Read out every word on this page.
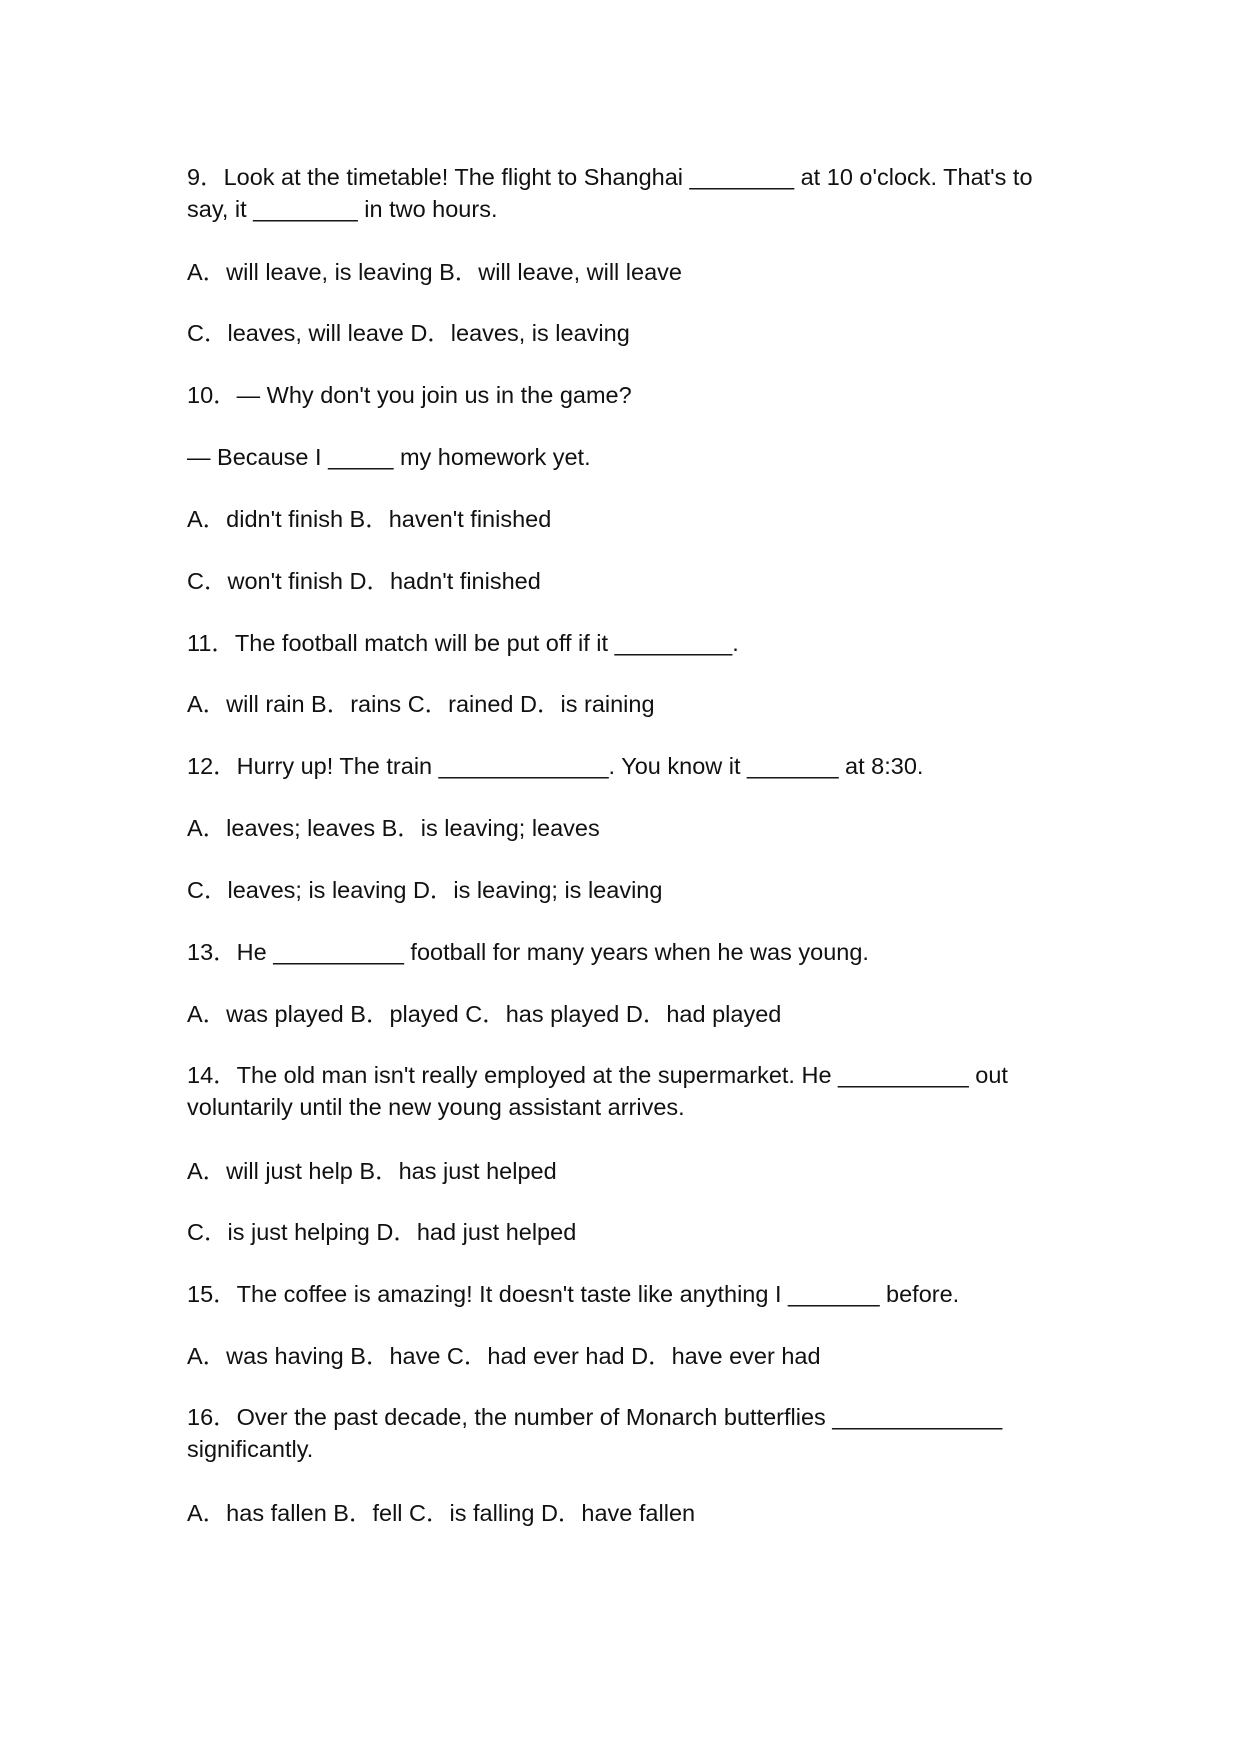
9．Look at the timetable! The flight to Shanghai ________ at 10 o'clock. That's to say, it ________ in two hours.
A．will leave, is leaving B．will leave, will leave
C．leaves, will leave D．leaves, is leaving
10．— Why don't you join us in the game?
— Because I _____ my homework yet.
A．didn't finish B．haven't finished
C．won't finish D．hadn't finished
11．The football match will be put off if it _________.
A．will rain B．rains C．rained D．is raining
12．Hurry up! The train _____________. You know it _______ at 8:30.
A．leaves; leaves B．is leaving; leaves
C．leaves; is leaving D．is leaving; is leaving
13．He __________ football for many years when he was young.
A．was played B．played C．has played D．had played
14．The old man isn't really employed at the supermarket. He __________ out voluntarily until the new young assistant arrives.
A．will just help B．has just helped
C．is just helping D．had just helped
15．The coffee is amazing! It doesn't taste like anything I _______ before.
A．was having B．have C．had ever had D．have ever had
16．Over the past decade, the number of Monarch butterflies _____________ significantly.
A．has fallen B．fell C．is falling D．have fallen
